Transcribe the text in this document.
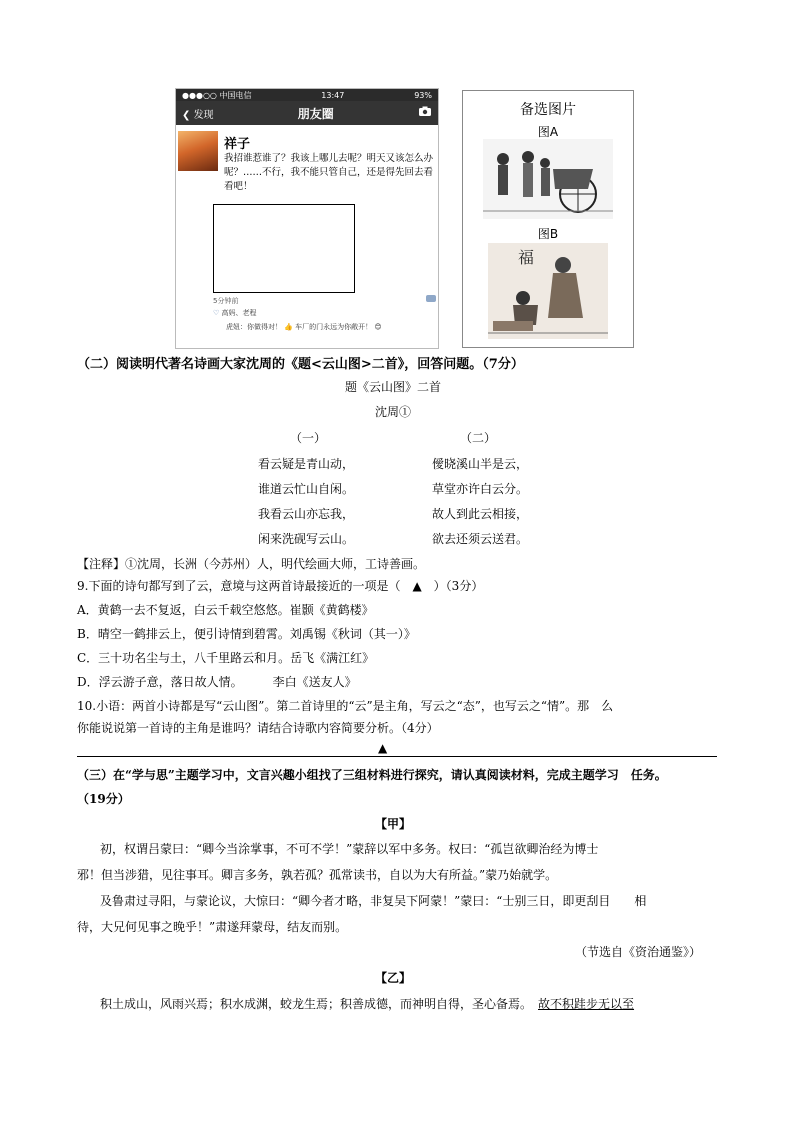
●●●○○ 中国电信	13:47	93%
❮ 发现	朋友圈
祥子
我招谁惹谁了？我该上哪儿去呢？明天又该怎么办呢？……不行，我不能只管自己，还是得先回去看看吧！
5分钟前
♡ 高妈、老程
虎妞：你做得对！ 👍 车厂的门永远为你敞开！ 😊
备选图片
图A
图B
福
（二）阅读明代著名诗画大家沈周的《题<云山图>二首》，回答问题。（7分）
题《云山图》二首
沈周①
（一）	（二）
看云疑是青山动，
谁道云忙山自闲。
我看云山亦忘我，
闲来洗砚写云山。
僾晓溪山半是云，
草堂亦许白云分。
故人到此云相接，
欲去还须云送君。
【注释】①沈周，长洲（今苏州）人，明代绘画大师，工诗善画。
9.下面的诗句都写到了云，意境与这两首诗最接近的一项是（　▲　）（3分）
A．黄鹤一去不复返，白云千载空悠悠。崔颢《黄鹤楼》
B．晴空一鹤排云上，便引诗情到碧霄。刘禹锡《秋词（其一）》
C．三十功名尘与土，八千里路云和月。岳飞《满江红》
D．浮云游子意，落日故人情。　　　李白《送友人》
10.小语：两首小诗都是写“云山图”。第二首诗里的“云”是主角，写云之“态”，也写云之“情”。那　么
你能说说第一首诗的主角是谁吗？请结合诗歌内容简要分析。（4分）
▲
（三）在“学与思”主题学习中，文言兴趣小组找了三组材料进行探究，请认真阅读材料，完成主题学习　任务。
（19分）
【甲】
初，权谓吕蒙曰：“卿今当涂掌事，不可不学！”蒙辞以军中多务。权曰：“孤岂欲卿治经为博士
邪！但当涉猎，见往事耳。卿言多务，孰若孤？孤常读书，自以为大有所益。”蒙乃始就学。
及鲁肃过寻阳，与蒙论议，大惊曰：“卿今者才略，非复吴下阿蒙！”蒙曰：“士别三日，即更刮目　　相
待，大兄何见事之晚乎！”肃遂拜蒙母，结友而别。
（节选自《资治通鉴》）
【乙】
积土成山，风雨兴焉；积水成渊，蛟龙生焉；积善成德，而神明自得，圣心备焉。　故不积跬步无以至
